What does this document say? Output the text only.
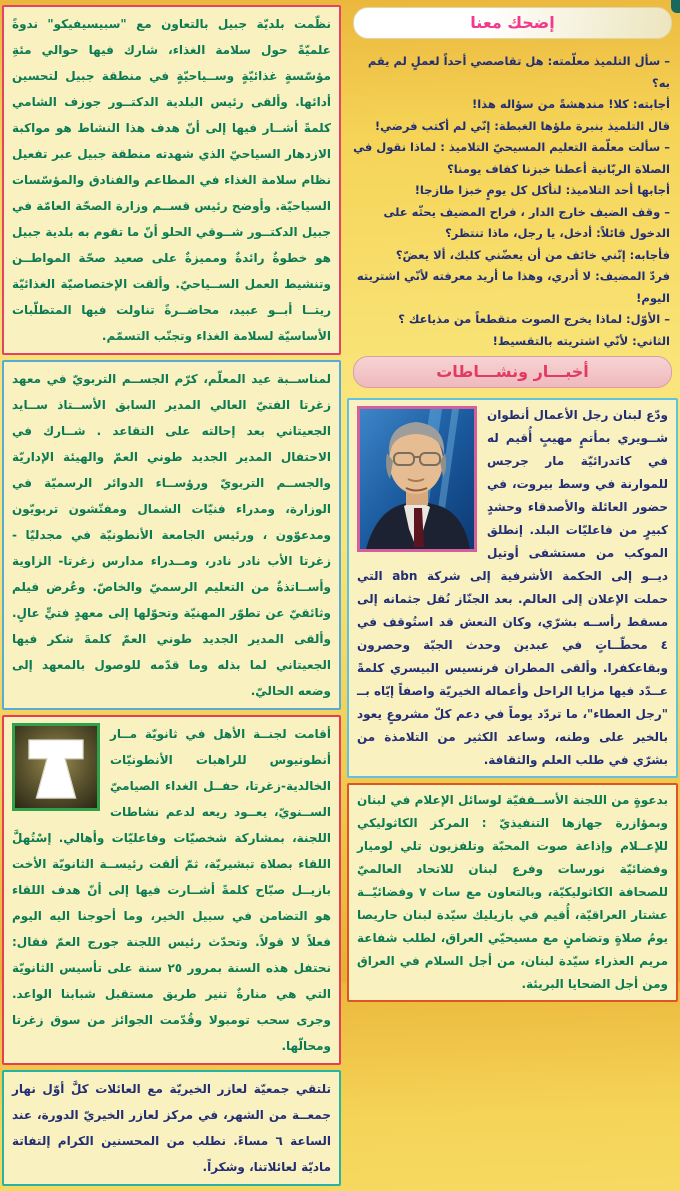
إضحك معنا

– سأل التلميذ معلّمته: هل تقاصصي أحداً لعملٍ لم يقم به؟

أجابته: كلا! مندهشةً من سؤاله هذا!

قال التلميذ بنبرة ملؤها الغبطة: إنّي لم أكتب فرضي!

– سألت معلّمة التعليم المسيحيّ التلاميذ : لماذا نقول في الصلاة الربّانية أعطنا خبزنا كفاف يومنا؟

أجابها أحد التلاميذ: لنأكل كل يومٍ خبزا طازجا!

– وقف الضيف خارج الدار ، فراح المضيف يحثّه على الدخول قائلاً: أدخل، يا رجل، ماذا تنتظر؟

فأجابه: إنّني خائف من أن يعضّني كلبك، ألا يعضّ؟

فردّ المضيف: لا أدري، وهذا ما أريد معرفته لأنّي اشتريته اليوم!

– الأوّل: لماذا يخرج الصوت متقطعاً من مذياعك ؟

الثاني: لأنّي اشتريته بالتقسيط!

أخبـــار ونشـــاطات

ودّع لبنان رجل الأعمال أنطوان شــويري بمأتمٍ مهيبٍ أُقيم له في كاتدرائيّة مار جرجس للموارنة في وسط بيروت، في حضور العائلة والأصدقاء وحشدٍ كبيرٍ من فاعليّات البلد. إنطلق الموكب من مستشفى أوتيل ديــو إلى الحكمة الأشرفية إلى شركة abn التي حملت الإعلان إلى العالم. بعد الجنّاز نُقل جثمانه إلى مسقط رأســه بشرّي، وكان النعش قد استُوقف في ٤ محطّــاتٍ في عبدين وحدث الجبّة وحصرون وبقاعكفرا. وألقى المطران فرنسيس البيسري كلمةً عــدّد فيها مزايا الراحل وأعماله الخيريّة واصفاً إيّاه بــ "رجل العطاء"، ما تردّد يوماً في دعم كلّ مشروعٍ يعود بالخير على وطنه، وساعد الكثير من التلامذة من بشرّي في طلب العلم والثقافة.

بدعوةٍ من اللجنة الأســقفيّة لوسائل الإعلام في لبنان وبمؤازرة جهازها التنفيذيّ : المركز الكاثوليكي للإعــلام وإذاعة صوت المحبّة وتلفزيون تلي لوميار وفضائيّة نورسات وفرع لبنان للاتحاد العالميّ للصحافة الكاثوليكيّة، وبالتعاون مع سات ٧ وفضائيّــة عشتار العراقيّة، أُقيم في بازيليك سيّدة لبنان حاريصا يومُ صلاةٍ وتضامنٍ مع مسيحيّي العراق، لطلب شفاعة مريم العذراء سيّدة لبنان، من أجل السلام في العراق ومن أجل الضحايا البريئة.

نظّمت بلديّة جبيل بالتعاون مع "سبيسيفيكو" ندوةً علميّةً حول سلامة الغذاء، شارك فيها حوالي مئةِ مؤسّسةٍ غذائيّةٍ وســياحيّةٍ في منطقة جبيل لتحسين أدائها. وألقى رئيس البلدية الدكتــور جوزف الشامي كلمةً أشــار فيها إلى أنّ هدف هذا النشاط هو مواكبة الازدهار السياحيّ الذي شهدته منطقة جبيل عبر تفعيل نظام سلامة الغذاء في المطاعم والفنادق والمؤسّسات السياحيّة. وأوضح رئيس قســم وزارة الصحّة العامّة في جبيل الدكتــور شــوقي الحلو أنّ ما تقوم به بلدية جبيل هو خطوةٌ رائدةٌ ومميزةٌ على صعيد صحّة المواطــن وتنشيط العمل الســياحيّ. وألقت الإختصاصيّة الغذائيّة ريتــا أبــو عبيد، محاضــرةً تناولت فيها المتطلّبات الأساسيّة لسلامة الغذاء وتجنّب التسمّم.

لمناســبة عيد المعلّم، كرّم الجســم التربويّ في معهد زغرتا الفتيّ العالي المدير السابق الأســتاذ ســايد الجعيتاني بعد إحالته على التقاعد . شــارك في الاحتفال المدير الجديد طوني العمّ والهيئة الإداريّة والجســم التربويّ ورؤســاء الدوائر الرسميّة في الوزارة، ومدراء فنيّات الشمال ومفتّشون تربويّون ومدعوّون ، ورئيس الجامعة الأنطونيّة في مجدليّا - زغرتا الأب نادر نادر، ومــدراء مدارس زغرتا- الزاوية وأســاتذةٌ من التعليم الرسميّ والخاصّ. وعُرض فيلم وثائقيّ عن تطوّر المهنيّة وتحوّلها إلى معهدٍ فتيٍّ عالٍ. وألقى المدير الجديد طوني العمّ كلمةَ شكر فيها الجعيتاني لما بذله وما قدّمه للوصول بالمعهد إلى وضعه الحاليّ.

أقامت لجنــة الأهل في ثانويّة مــار أنطونيوس للراهبات الأنطونيّات الخالدية-زغرتا، حفــل الغداء الصياميّ الســنويّ، يعــود ريعه لدعم نشاطات اللجنة، بمشاركة شخصيّات وفاعليّات وأهالي. إسْتُهلَّ اللقاء بصلاة تبشيريّة، ثمّ ألقت رئيســة الثانويّة الأخت بازيــل صبّاح كلمةً أشــارت فيها إلى أنّ هدف اللقاء هو التضامن في سبيل الخير، وما أحوجنا اليه اليوم فعلاً لا قولاً. وتحدّث رئيس اللجنة جورج العمّ فقال: نحتفل هذه السنة بمرور ٢٥ سنة على تأسيس الثانويّة التي هي منارةٌ تنير طريق مستقبل شبابنا الواعد. وجرى سحب تومبولا وقُدّمت الجوائز من سوق زغرتا ومحالّها.

تلتقي جمعيّة لعازر الخيريّة مع العائلات كلَّ أوّل نهار جمعــة من الشهر، في مركز لعازر الخيريّ الدورة، عند الساعة ٦ مساءً. نطلب من المحسنين الكرام إلتفاتة ماديّة لعائلاتنا، وشكراً.
